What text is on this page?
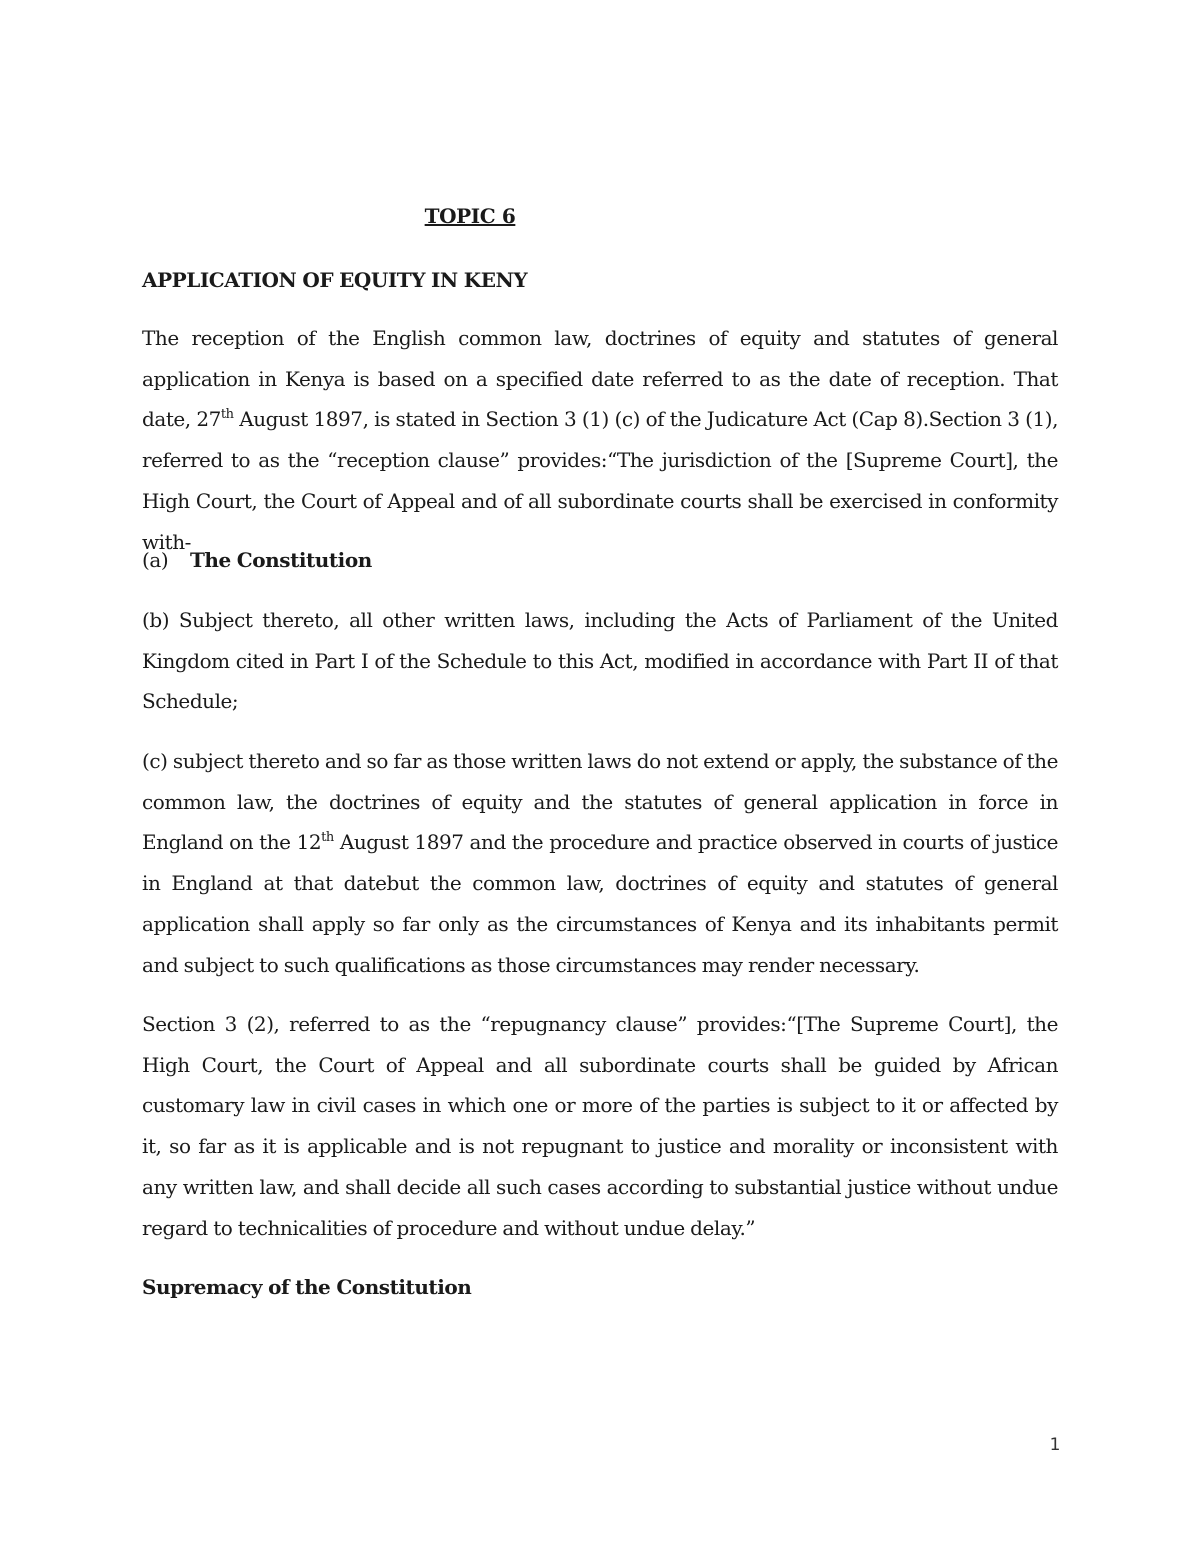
TOPIC 6
APPLICATION OF EQUITY IN KENY
The reception of the English common law, doctrines of equity and statutes of general application in Kenya is based on a specified date referred to as the date of reception. That date, 27th August 1897, is stated in Section 3 (1) (c) of the Judicature Act (Cap 8).Section 3 (1), referred to as the “reception clause” provides:“The jurisdiction of the [Supreme Court], the High Court, the Court of Appeal and of all subordinate courts shall be exercised in conformity with-
(a) The Constitution
(b) Subject thereto, all other written laws, including the Acts of Parliament of the United Kingdom cited in Part I of the Schedule to this Act, modified in accordance with Part II of that Schedule;
(c) subject thereto and so far as those written laws do not extend or apply, the substance of the common law, the doctrines of equity and the statutes of general application in force in England on the 12th August 1897 and the procedure and practice observed in courts of justice in England at that datebut the common law, doctrines of equity and statutes of general application shall apply so far only as the circumstances of Kenya and its inhabitants permit and subject to such qualifications as those circumstances may render necessary.
Section 3 (2), referred to as the “repugnancy clause” provides:“[The Supreme Court], the High Court, the Court of Appeal and all subordinate courts shall be guided by African customary law in civil cases in which one or more of the parties is subject to it or affected by it, so far as it is applicable and is not repugnant to justice and morality or inconsistent with any written law, and shall decide all such cases according to substantial justice without undue regard to technicalities of procedure and without undue delay.”
Supremacy of the Constitution
1
